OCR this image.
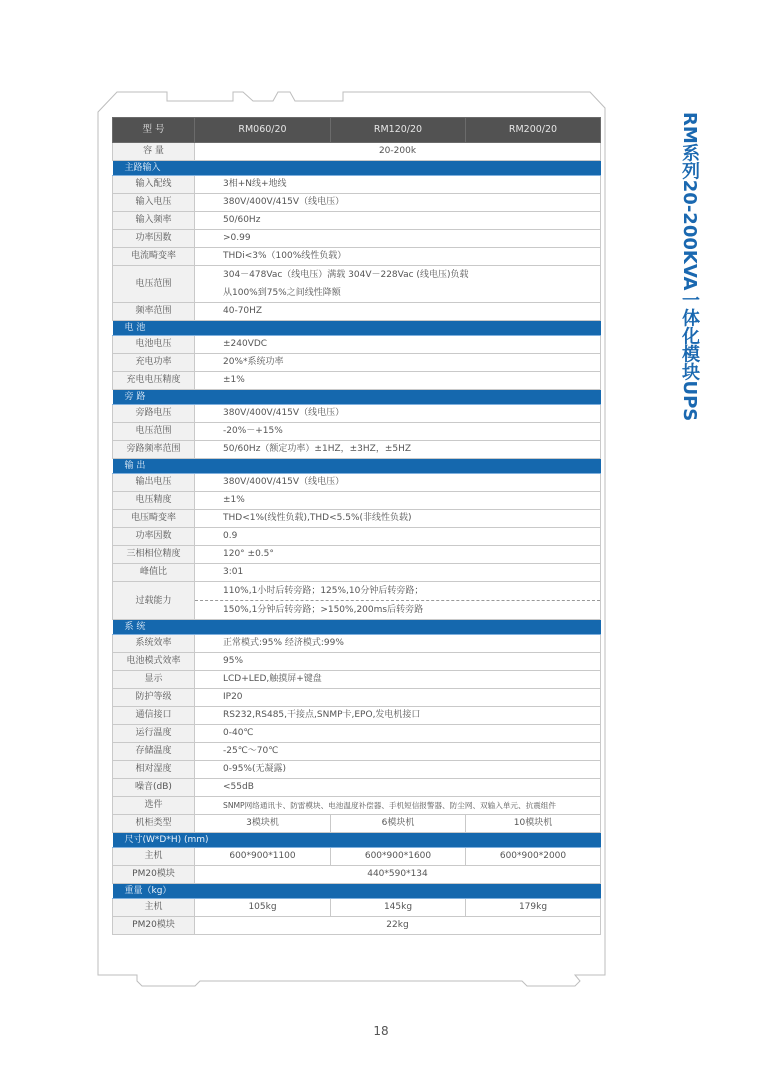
RM系列20-200KVA一体化模块UPS
型 号	RM060/20	RM120/20	RM200/20
容 量	20-200k		
主路输入			
输入配线	3相+N线+地线		
输入电压	380V/400V/415V（线电压）		
输入频率	50/60Hz		
功率因数	>0.99		
电流畸变率	THDi<3%（100%线性负载）		
电压范围	304－478Vac（线电压）满载 304V－228Vac (线电压)负载
从100%到75%之间线性降额		

频率范围	40-70HZ		
电 池			
电池电压	±240VDC		
充电功率	20%*系统功率		
充电电压精度	±1%		
旁 路			
旁路电压	380V/400V/415V（线电压）		
电压范围	-20%－+15%		
旁路频率范围	50/60Hz（额定功率）±1HZ，±3HZ，±5HZ		
输 出			
输出电压	380V/400V/415V（线电压）		
电压精度	±1%		
电压畸变率	THD<1%(线性负载),THD<5.5%(非线性负载)		
功率因数	0.9		
三相相位精度	120° ±0.5°		
峰值比	3:01		
过载能力	110%,1小时后转旁路；125%,10分钟后转旁路；
150%,1分钟后转旁路；>150%,200ms后转旁路		

系 统			
系统效率	正常模式:95% 经济模式:99%		
电池模式效率	95%		
显示	LCD+LED,触摸屏+键盘		
防护等级	IP20		
通信接口	RS232,RS485,干接点,SNMP卡,EPO,发电机接口		
运行温度	0-40℃		
存储温度	-25℃～70℃		
相对湿度	0-95%(无凝露)		
噪音(dB)	<55dB		
选件	SNMP网络通讯卡、防雷模块、电池温度补偿器、手机短信报警器、防尘网、双输入单元、抗震组件		
机柜类型	3模块机	6模块机	10模块机
尺寸(W*D*H) (mm)			
主机	600*900*1100	600*900*1600	600*900*2000
PM20模块	440*590*134		
重量（kg）			
主机	105kg	145kg	179kg
PM20模块	22kg		
18
